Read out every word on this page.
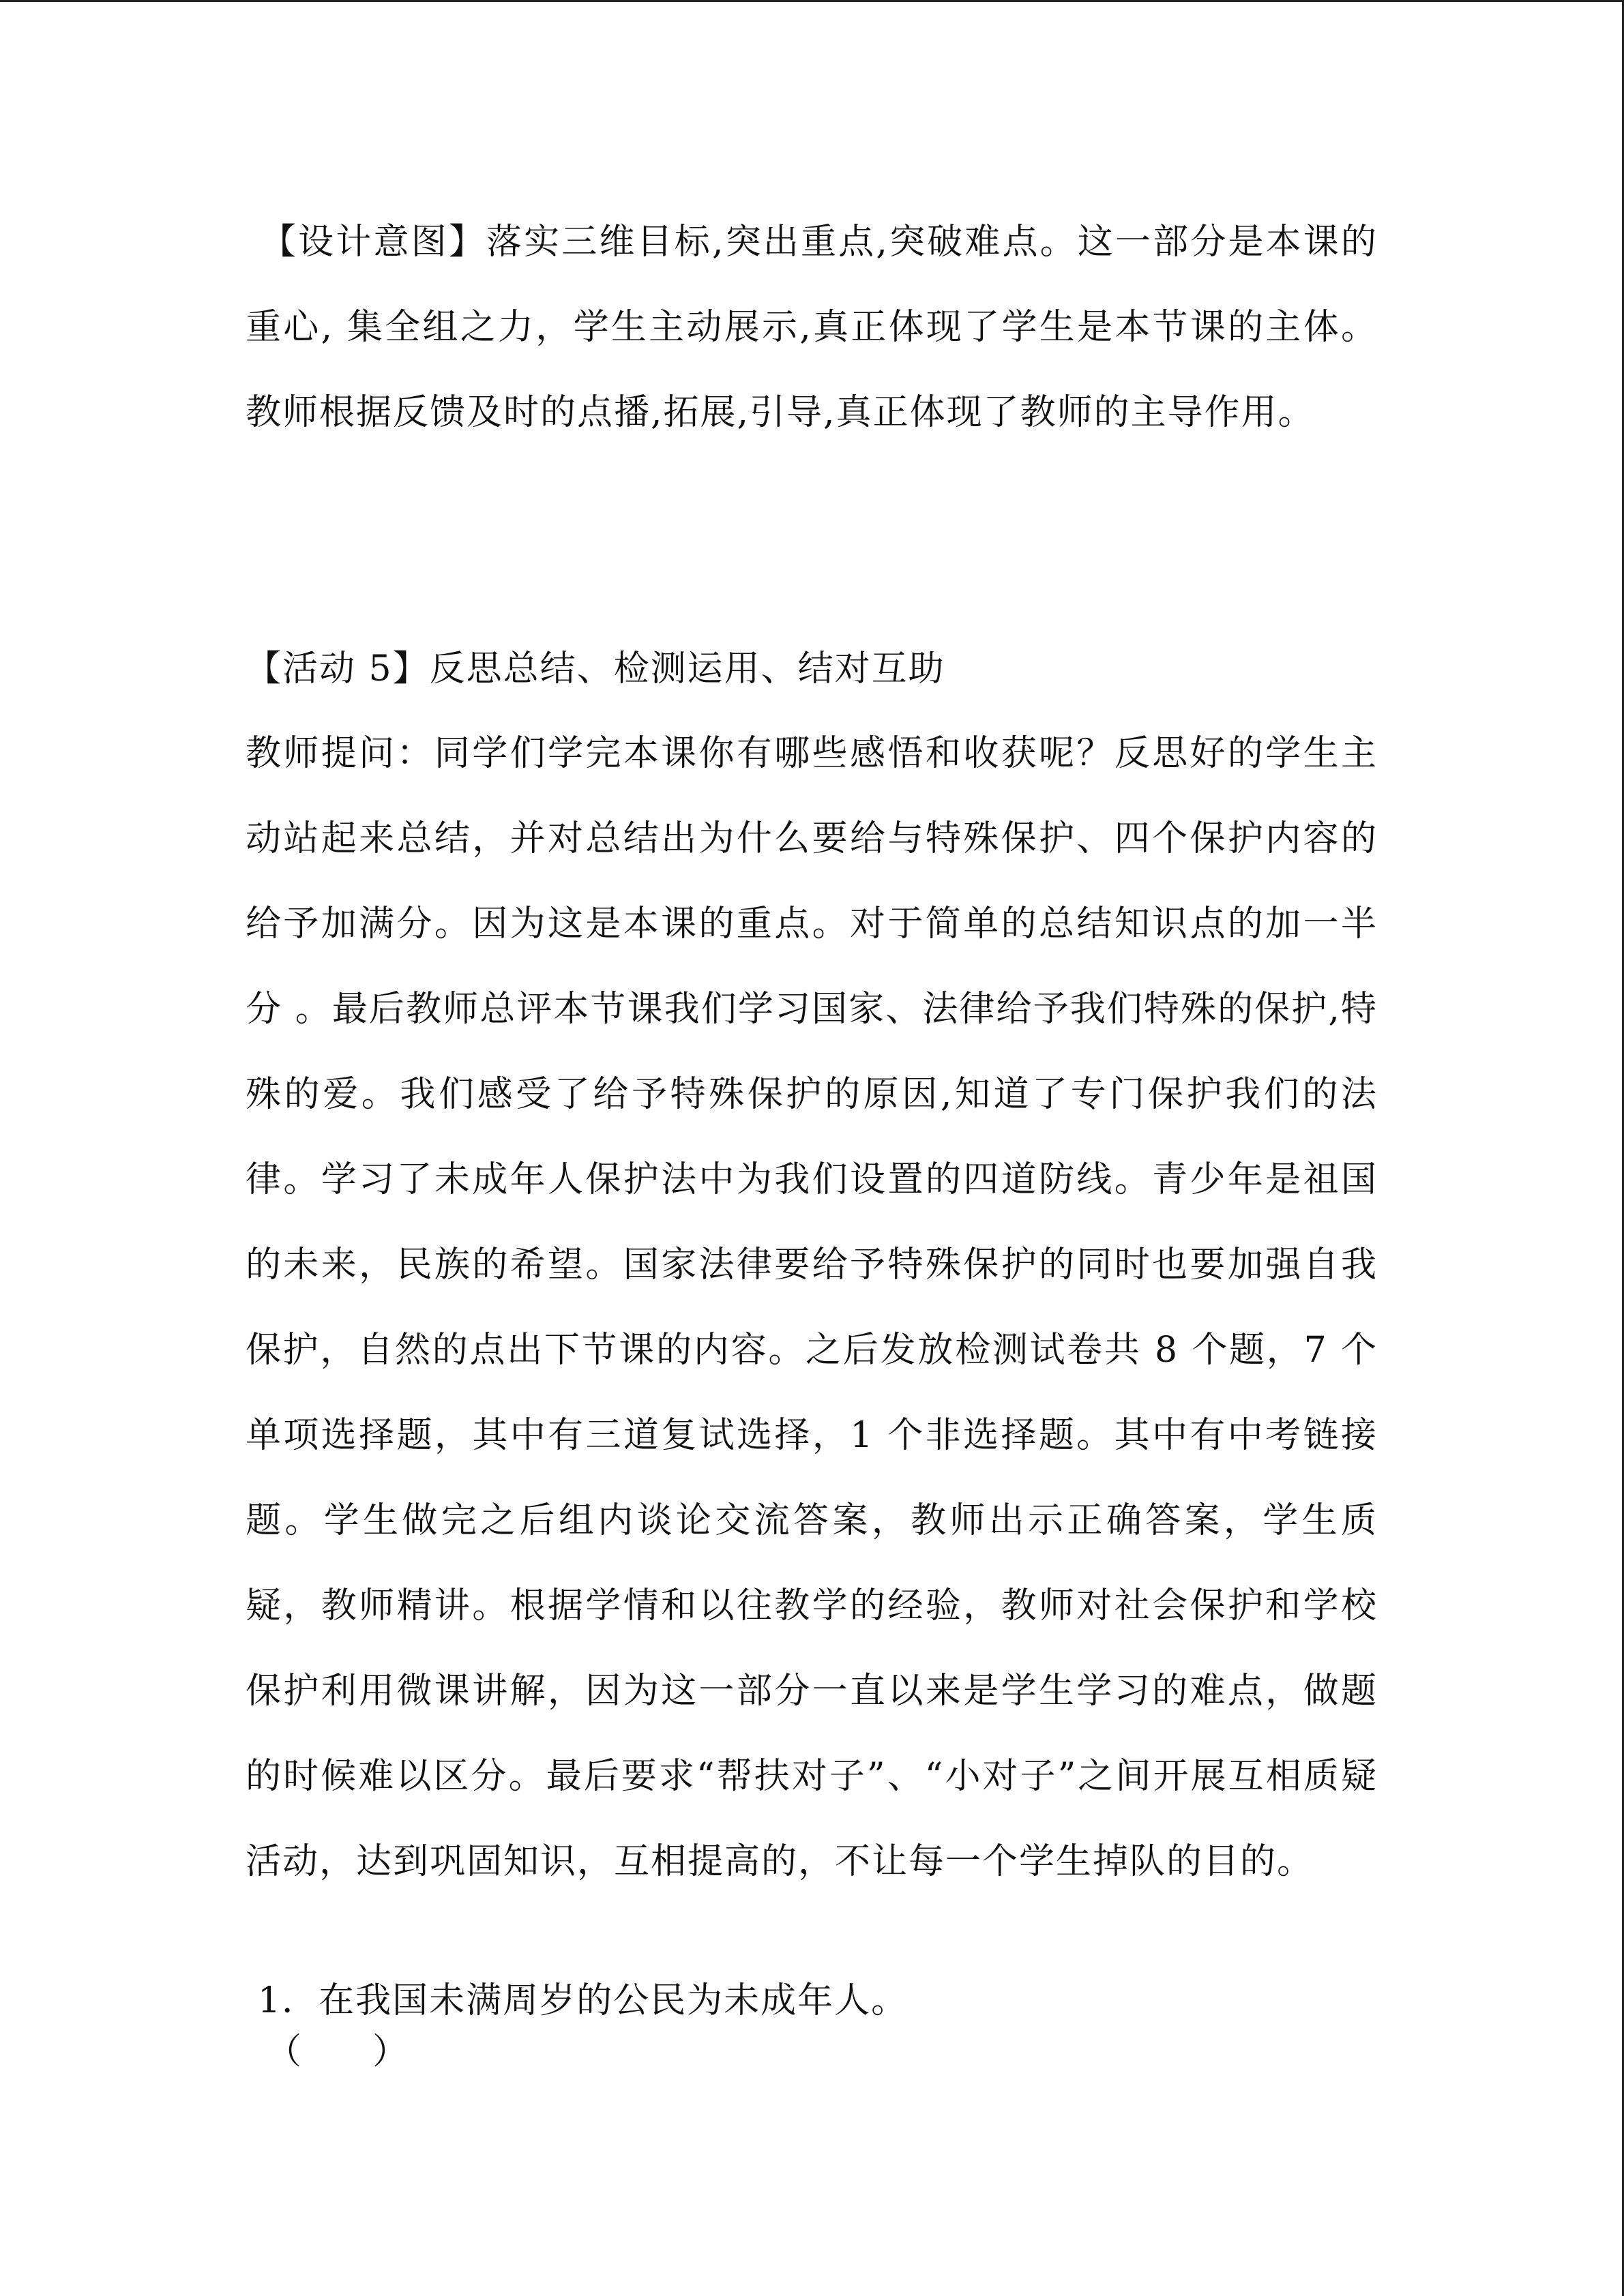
【设计意图】落实三维目标,突出重点,突破难点。这一部分是本课的重心, 集全组之力，学生主动展示,真正体现了学生是本节课的主体。教师根据反馈及时的点播,拓展,引导,真正体现了教师的主导作用。

【活动 5】反思总结、检测运用、结对互助

教师提问：同学们学完本课你有哪些感悟和收获呢？反思好的学生主动站起来总结，并对总结出为什么要给与特殊保护、四个保护内容的给予加满分。因为这是本课的重点。对于简单的总结知识点的加一半分 。最后教师总评本节课我们学习国家、法律给予我们特殊的保护,特殊的爱。我们感受了给予特殊保护的原因,知道了专门保护我们的法律。学习了未成年人保护法中为我们设置的四道防线。青少年是祖国的未来，民族的希望。国家法律要给予特殊保护的同时也要加强自我保护，自然的点出下节课的内容。之后发放检测试卷共 8 个题，7 个单项选择题，其中有三道复试选择，1 个非选择题。其中有中考链接题。学生做完之后组内谈论交流答案，教师出示正确答案，学生质疑，教师精讲。根据学情和以往教学的经验，教师对社会保护和学校保护利用微课讲解，因为这一部分一直以来是学生学习的难点，做题的时候难以区分。最后要求“帮扶对子”、“小对子”之间开展互相质疑活动，达到巩固知识，互相提高的，不让每一个学生掉队的目的。

1．在我国未满周岁的公民为未成年人。

（　　）
